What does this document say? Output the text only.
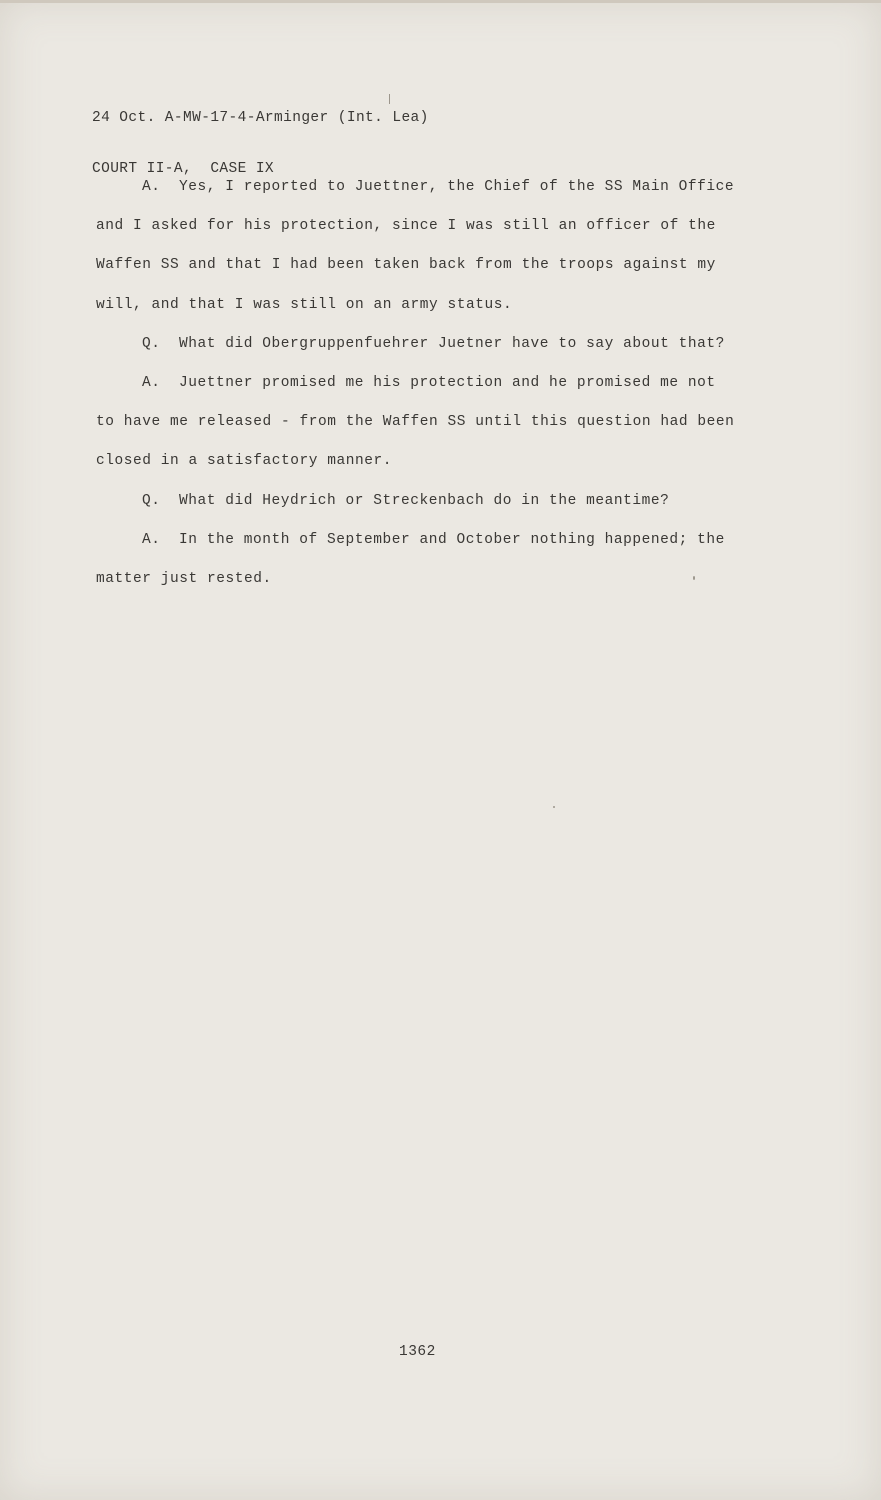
24 Oct. A-MW-17-4-Arminger (Int. Lea)

COURT II-A,  CASE IX

A.  Yes, I reported to Juettner, the Chief of the SS Main Office
and I asked for his protection, since I was still an officer of the
Waffen SS and that I had been taken back from the troops against my
will, and that I was still on an army status.
Q.  What did Obergruppenfuehrer Juetner have to say about that?
A.  Juettner promised me his protection and he promised me not
to have me released - from the Waffen SS until this question had been
closed in a satisfactory manner.
Q.  What did Heydrich or Streckenbach do in the meantime?
A.  In the month of September and October nothing happened; the
matter just rested.
1362
